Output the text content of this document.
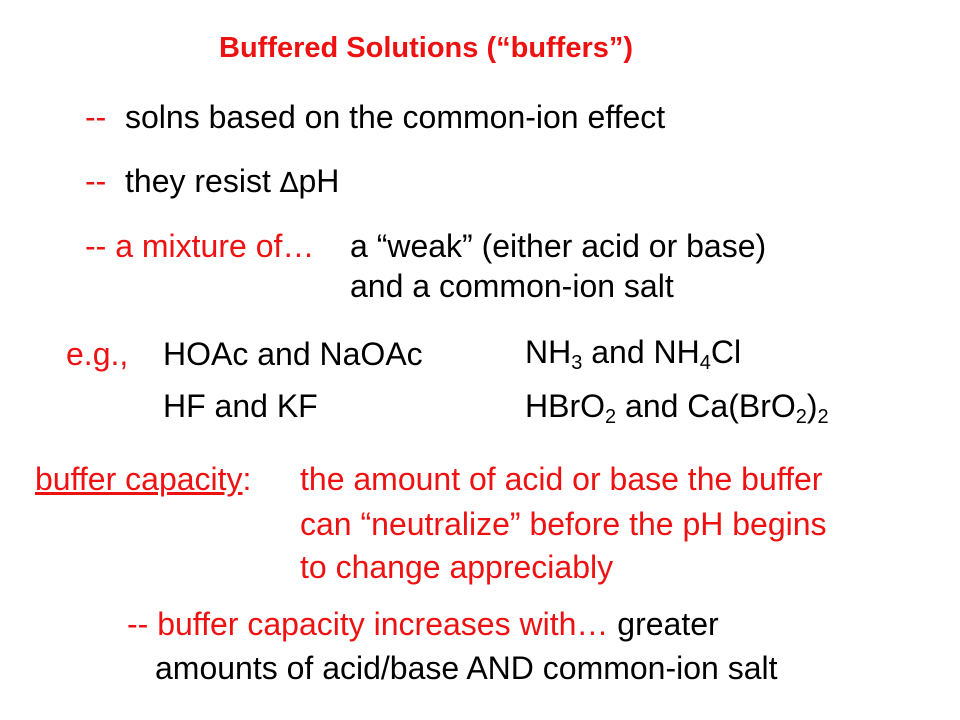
Buffered Solutions (“buffers”)
-- solns based on the common-ion effect
-- they resist ∆pH
-- a mixture of… a “weak” (either acid or base)
and a common-ion salt
e.g., HOAc and NaOAc
HF and KF
$NH_3$ and $NH_4Cl$
HBrO$_2$ and $Ca(BrO_2)_2$
buffer capacity: the amount of acid or base the buffer
can “neutralize” before the pH begins
to change appreciably
-- buffer capacity increases with… greater
amounts of acid/base AND common-ion salt
